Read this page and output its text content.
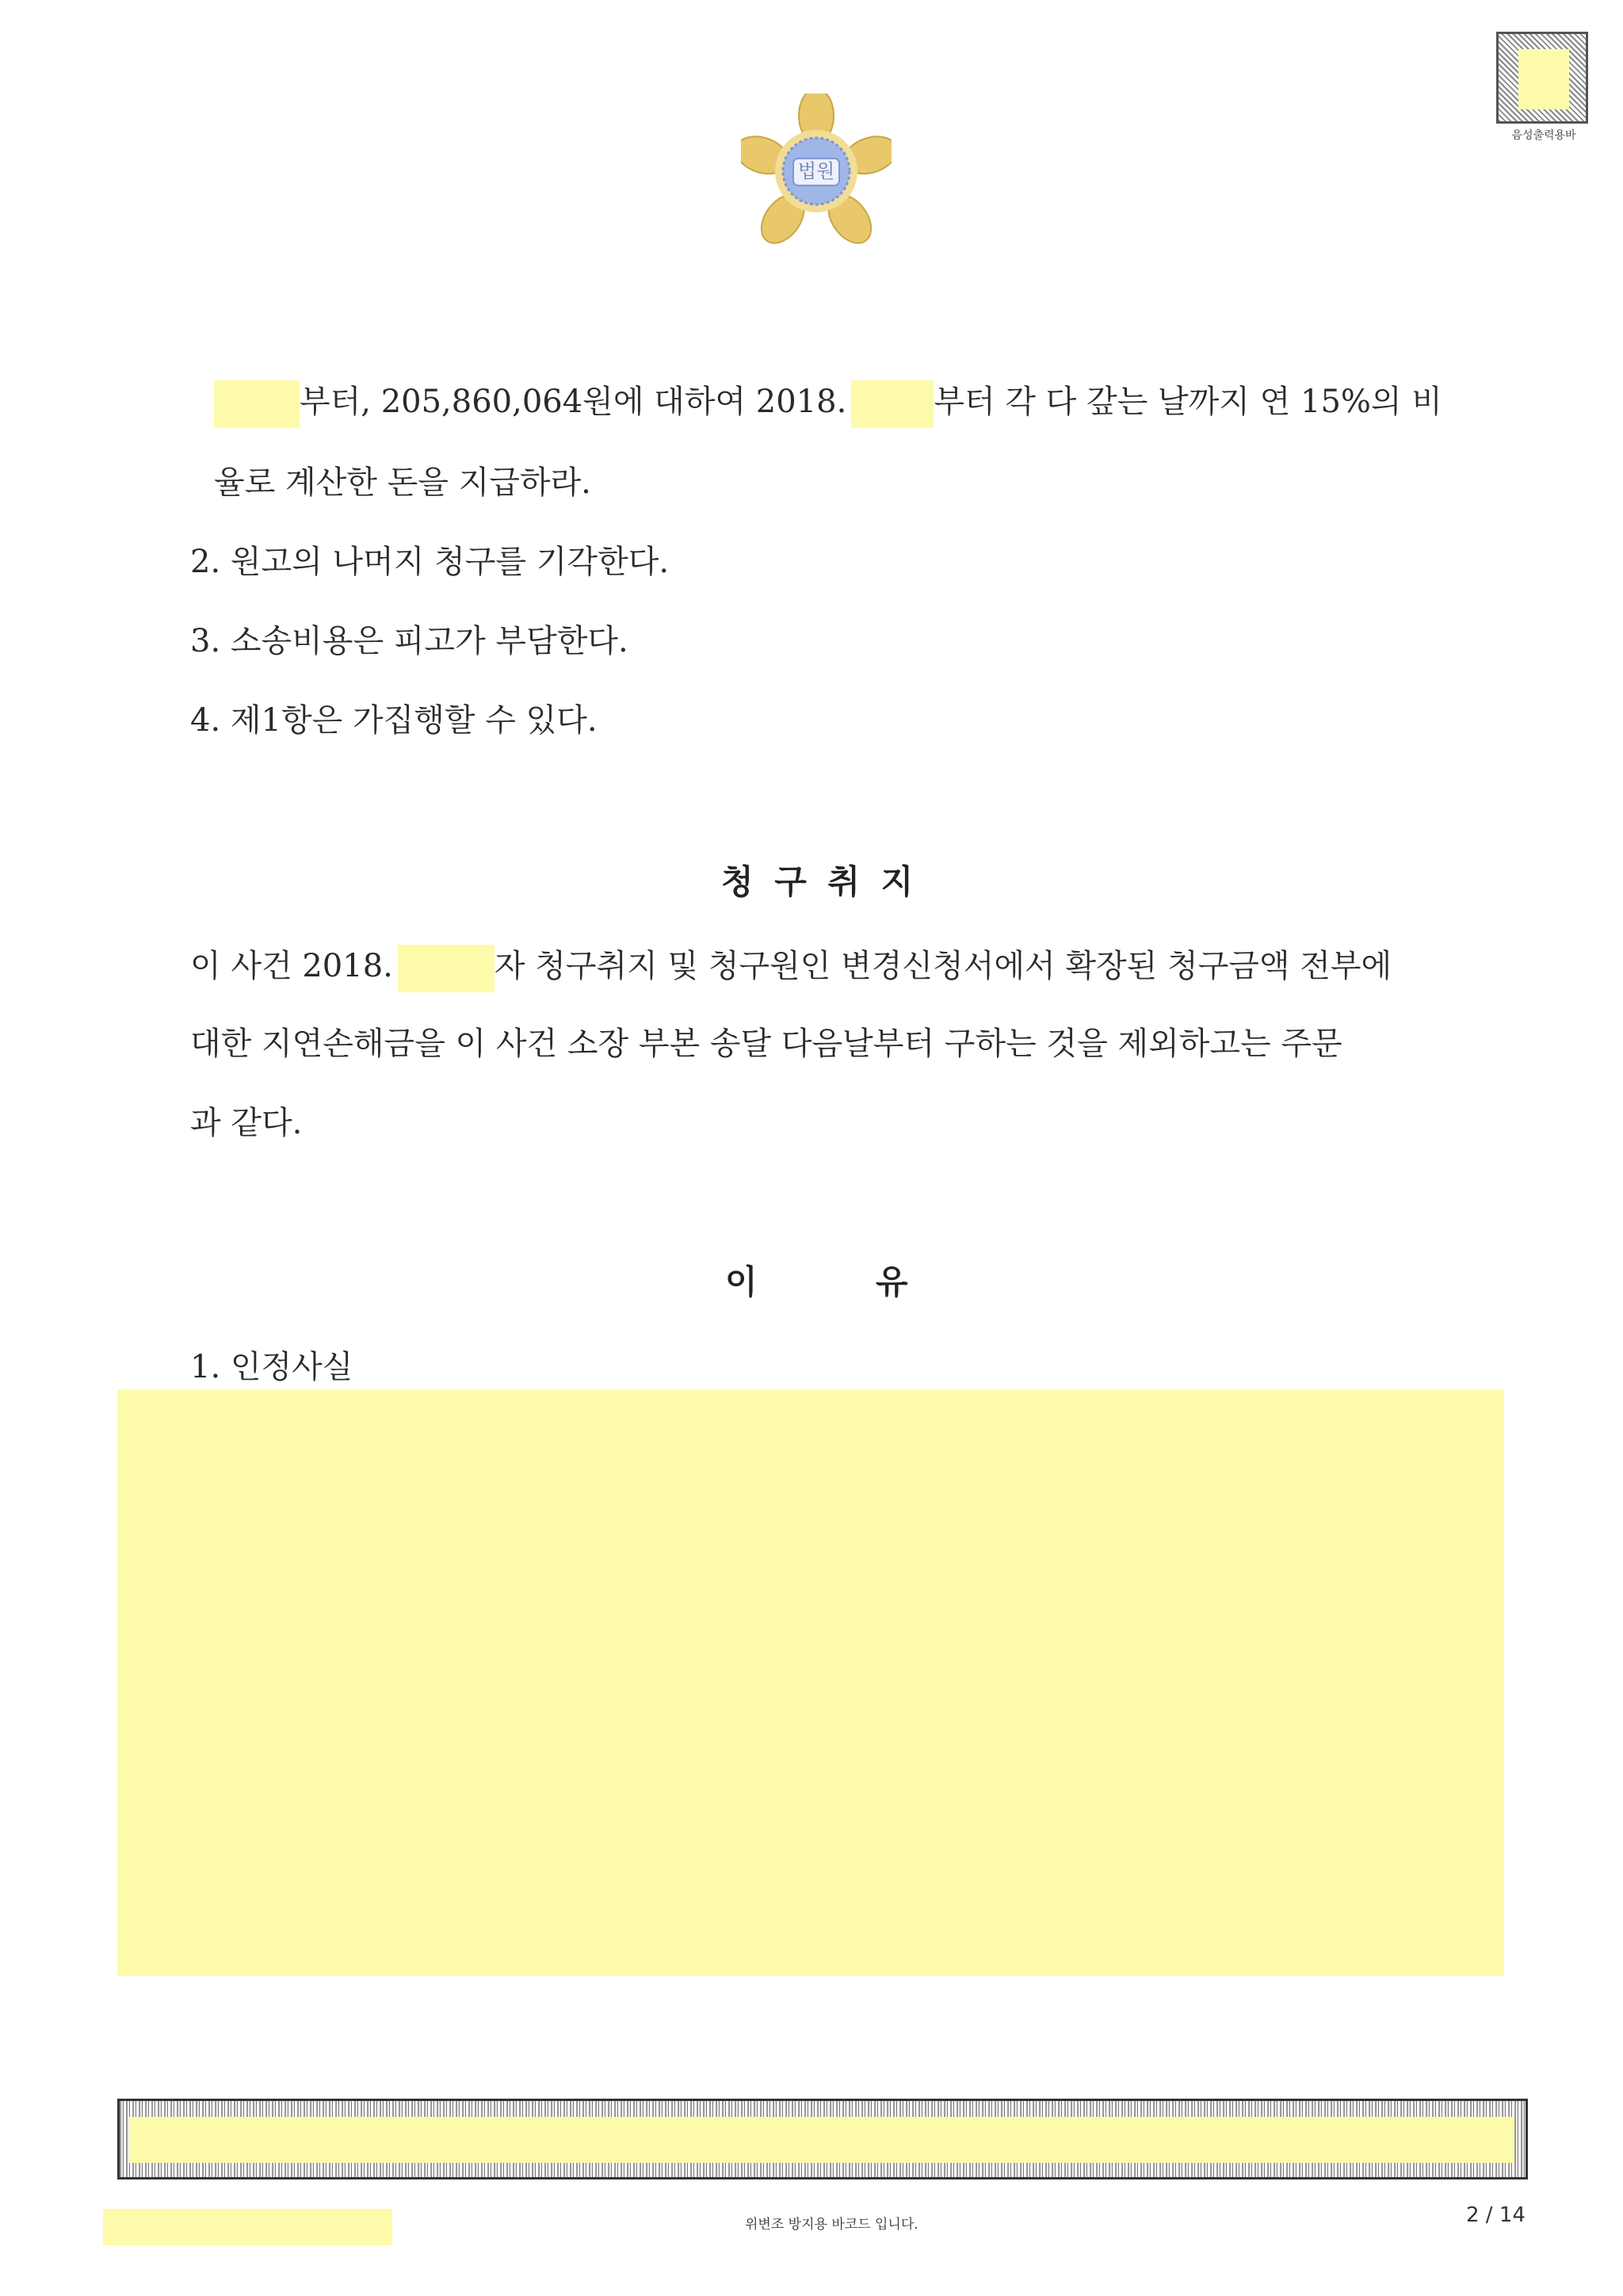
법원
음성출력용바
부터, 205,860,064원에 대하여 2018.	부터 각 다 갚는 날까지 연 15%의 비
율로 계산한 돈을 지급하라.
2. 원고의 나머지 청구를 기각한다.
3. 소송비용은 피고가 부담한다.
4. 제1항은 가집행할 수 있다.
청 구 취 지
이 사건 2018.	자 청구취지 및 청구원인 변경신청서에서 확장된 청구금액 전부에
대한 지연손해금을 이 사건 소장 부본 송달 다음날부터 구하는 것을 제외하고는 주문
과 같다.
이	유
1. 인정사실
위변조 방지용 바코드 입니다.	2 / 14
